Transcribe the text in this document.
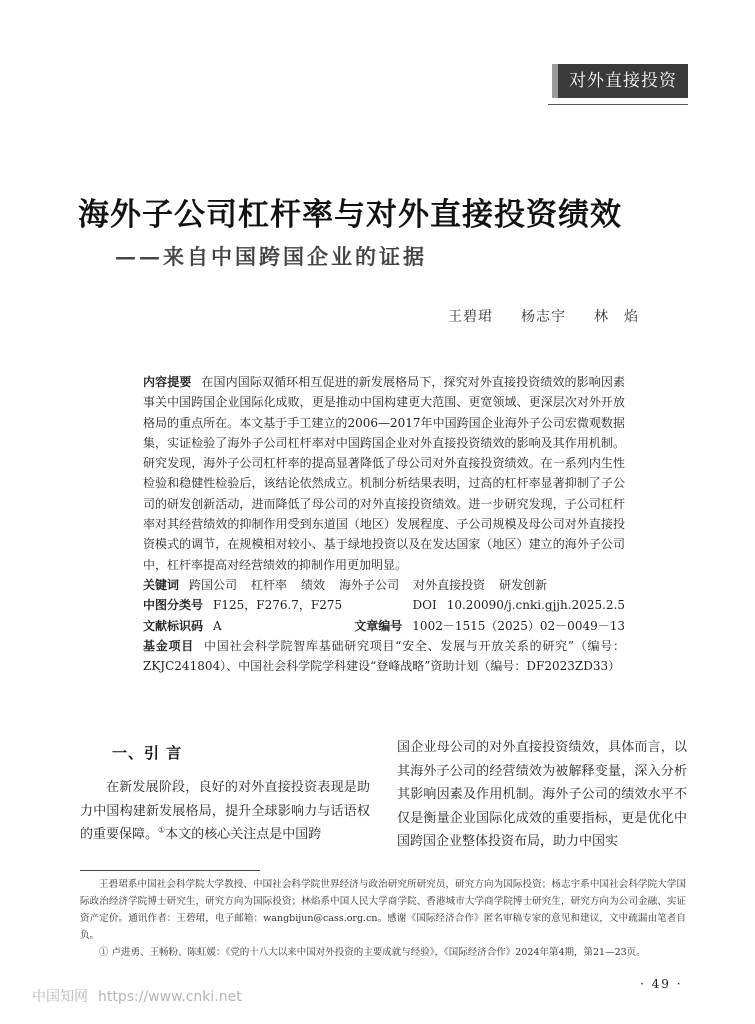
对外直接投资
海外子公司杠杆率与对外直接投资绩效
——来自中国跨国企业的证据
王碧珺 杨志宇 林　焰
内容提要 在国内国际双循环相互促进的新发展格局下，探究对外直接投资绩效的影响因素事关中国跨国企业国际化成败，更是推动中国构建更大范围、更宽领域、更深层次对外开放格局的重点所在。本文基于手工建立的2006—2017年中国跨国企业海外子公司宏微观数据集，实证检验了海外子公司杠杆率对中国跨国企业对外直接投资绩效的影响及其作用机制。研究发现，海外子公司杠杆率的提高显著降低了母公司对外直接投资绩效。在一系列内生性检验和稳健性检验后，该结论依然成立。机制分析结果表明，过高的杠杆率显著抑制了子公司的研发创新活动，进而降低了母公司的对外直接投资绩效。进一步研究发现，子公司杠杆率对其经营绩效的抑制作用受到东道国（地区）发展程度、子公司规模及母公司对外直接投资模式的调节，在规模相对较小、基于绿地投资以及在发达国家（地区）建立的海外子公司中，杠杆率提高对经营绩效的抑制作用更加明显。
关键词 跨国公司 杠杆率 绩效 海外子公司 对外直接投资 研发创新
中图分类号 F125，F276.7，F275	DOI 10.20090/j.cnki.gjjh.2025.2.5
文献标识码 A	文章编号 1002－1515（2025）02－0049－13
基金项目 中国社会科学院智库基础研究项目“安全、发展与开放关系的研究”（编号：ZKJC241804）、中国社会科学院学科建设“登峰战略”资助计划（编号：DF2023ZD33）
一、引 言

在新发展阶段，良好的对外直接投资表现是助力中国构建新发展格局，提升全球影响力与话语权的重要保障。①本文的核心关注点是中国跨

国企业母公司的对外直接投资绩效，具体而言，以其海外子公司的经营绩效为被解释变量，深入分析其影响因素及作用机制。海外子公司的绩效水平不仅是衡量企业国际化成效的重要指标，更是优化中国跨国企业整体投资布局，助力中国实

王碧珺系中国社会科学院大学教授、中国社会科学院世界经济与政治研究所研究员，研究方向为国际投资；杨志宇系中国社会科学院大学国际政治经济学院博士研究生，研究方向为国际投资；林焰系中国人民大学商学院、香港城市大学商学院博士研究生，研究方向为公司金融、实证资产定价。通讯作者：王碧珺，电子邮箱：wangbijun@cass.org.cn。感谢《国际经济合作》匿名审稿专家的意见和建议，文中疏漏由笔者自负。
① 卢进勇、王畅粉、陈虹媛：《党的十八大以来中国对外投资的主要成就与经验》，《国际经济合作》2024年第4期，第21—23页。
· 49 ·
中国知网 https://www.cnki.net
